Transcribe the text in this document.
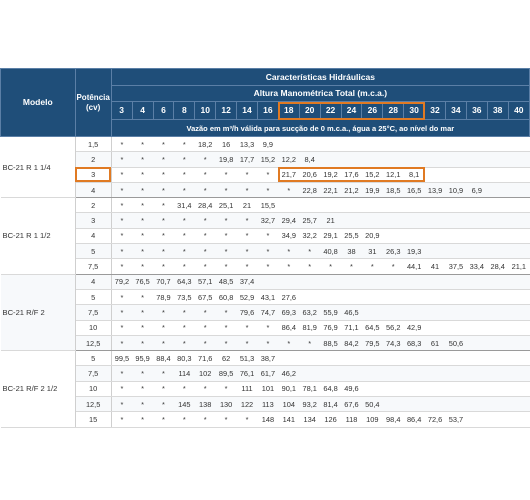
Modelo	Potência (cv)	Características Hidráulicas																			
		Altura Manométrica Total (m.c.a.)																			
		3	4	6	8	10	12	14	16	18	20	22	24	26	28	30	32	34	36	38	40
		Vazão em m³/h válida para sucção de 0 m.c.a., água a 25°C, ao nível do mar																			
BC-21 R 1 1/4	1,5	*	*	*	*	18,2	16	13,3	9,9												
	2	*	*	*	*	*	19,8	17,7	15,2	12,2	8,4										
	3	*	*	*	*	*	*	*	*	21,7	20,6	19,2	17,6	15,2	12,1	8,1					
	4	*	*	*	*	*	*	*	*	*	22,8	22,1	21,2	19,9	18,5	16,5	13,9	10,9	6,9		
BC-21 R 1 1/2	2	*	*	*	31,4	28,4	25,1	21	15,5												
	3	*	*	*	*	*	*	*	32,7	29,4	25,7	21									
	4	*	*	*	*	*	*	*	*	34,9	32,2	29,1	25,5	20,9							
	5	*	*	*	*	*	*	*	*	*	*	40,8	38	31	26,3	19,3					
	7,5	*	*	*	*	*	*	*	*	*	*	*	*	*	*	44,1	41	37,5	33,4	28,4	21,1
BC-21 R/F 2	4	79,2	76,5	70,7	64,3	57,1	48,5	37,4													
	5	*	*	78,9	73,5	67,5	60,8	52,9	43,1	27,6											
	7,5	*	*	*	*	*	*	79,6	74,7	69,3	63,2	55,9	46,5								
	10	*	*	*	*	*	*	*	*	86,4	81,9	76,9	71,1	64,5	56,2	42,9					
	12,5	*	*	*	*	*	*	*	*	*	*	88,5	84,2	79,5	74,3	68,3	61	50,6			
BC-21 R/F 2 1/2	5	99,5	95,9	88,4	80,3	71,6	62	51,3	38,7												
	7,5	*	*	*	114	102	89,5	76,1	61,7	46,2											
	10	*	*	*	*	*	*	111	101	90,1	78,1	64,8	49,6								
	12,5	*	*	*	145	138	130	122	113	104	93,2	81,4	67,6	50,4							
	15	*	*	*	*	*	*	*	148	141	134	126	118	109	98,4	86,4	72,6	53,7			
